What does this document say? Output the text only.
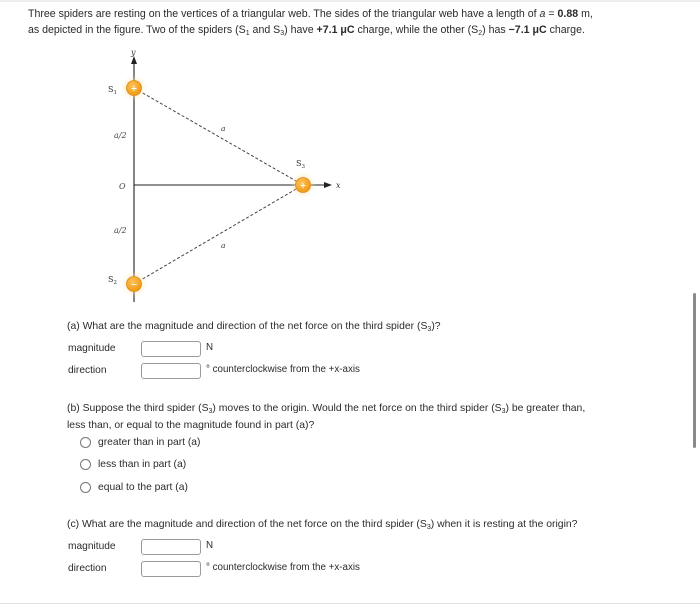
Three spiders are resting on the vertices of a triangular web. The sides of the triangular web have a length of a = 0.88 m,
as depicted in the figure. Two of the spiders ($S_1$ and $S_3$) have +7.1 μC charge, while the other $(S_2)$ has −7.1 μC charge.
y
x
a
a
a/2
a/2
O
$S_1$ +
$S_3$
+
$S_2$ −
(a) What are the magnitude and direction of the net force on the third spider $(S_3)$?
magnitude	N
direction	° counterclockwise from the +x-axis
(b) Suppose the third spider $(S_3)$ moves to the origin. Would the net force on the third spider $(S_3)$ be greater than,
less than, or equal to the magnitude found in part (a)?
greater than in part (a)
less than in part (a)
equal to the part (a)
(c) What are the magnitude and direction of the net force on the third spider $(S_3)$ when it is resting at the origin?
magnitude	N
direction	° counterclockwise from the +x-axis
